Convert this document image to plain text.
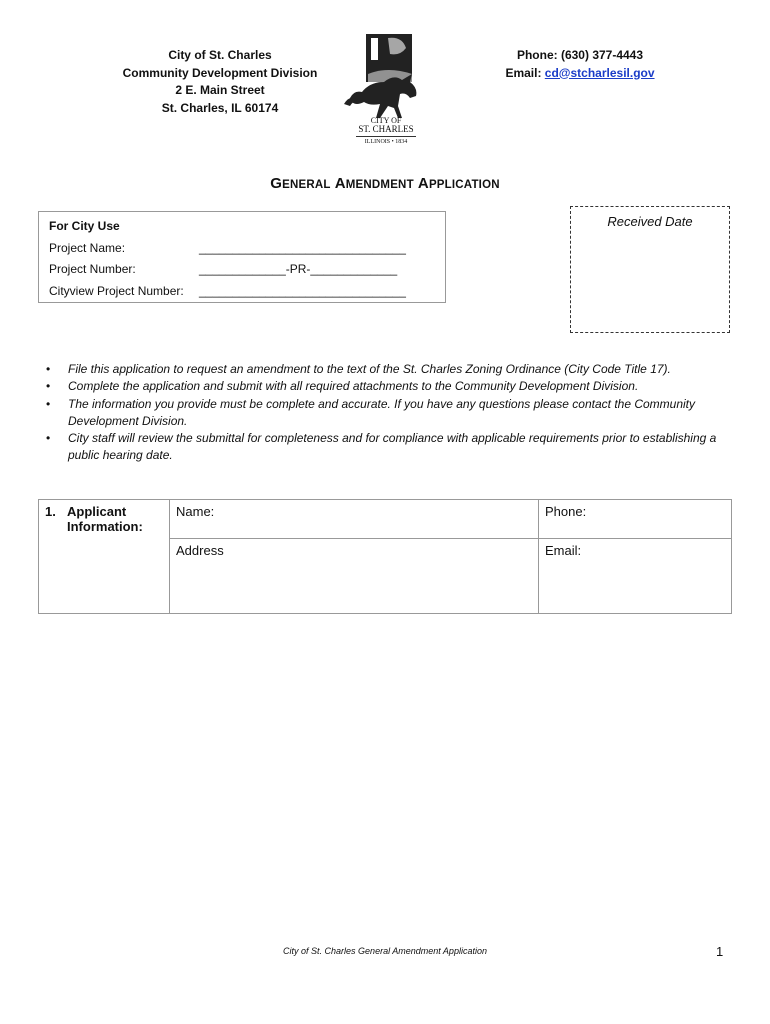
City of St. Charles
Community Development Division
2 E. Main Street
St. Charles, IL 60174
CITY OF
ST. CHARLES
ILLINOIS • 1834
Phone: (630) 377-4443
Email: cd@stcharlesil.gov
GENERAL AMENDMENT APPLICATION
For City Use
Project Name:	_______________________________
Project Number:	_____________-PR-_____________
Cityview Project Number: _______________________________
Received Date
• File this application to request an amendment to the text of the St. Charles Zoning Ordinance (City Code Title 17).
• Complete the application and submit with all required attachments to the Community Development Division.
• The information you provide must be complete and accurate. If you have any questions please contact the Community Development Division.
• City staff will review the submittal for completeness and for compliance with applicable requirements prior to establishing a public hearing date.
1. Applicant
Information:	Name:	Phone:
	Address	Email:
City of St. Charles General Amendment Application	1
